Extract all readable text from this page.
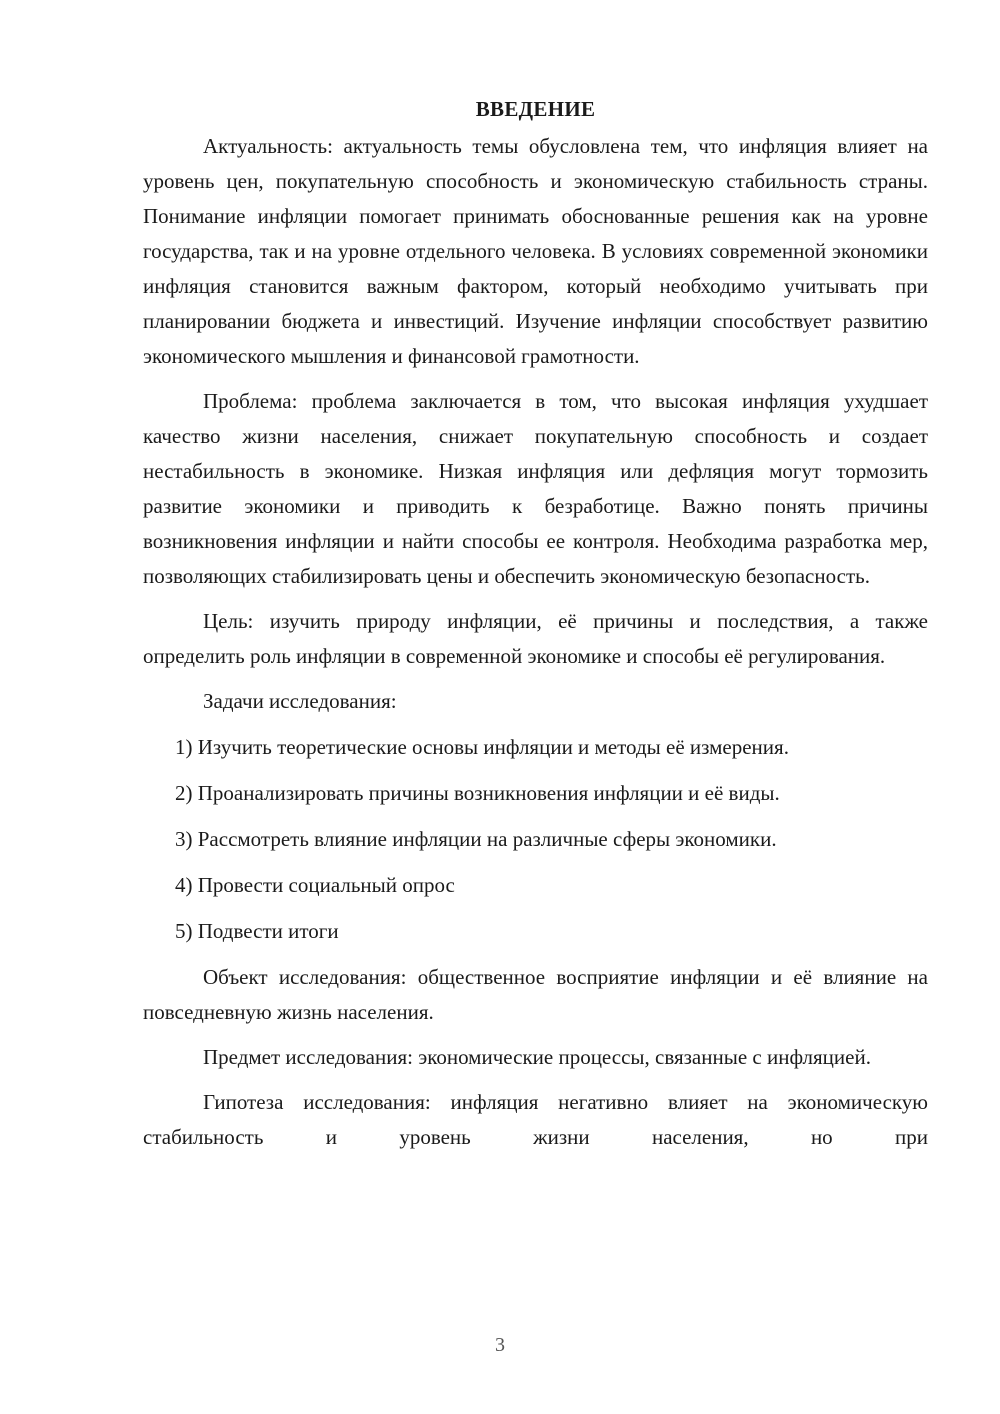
ВВЕДЕНИЕ

Актуальность: актуальность темы обусловлена тем, что инфляция влияет на уровень цен, покупательную способность и экономическую стабильность страны. Понимание инфляции помогает принимать обоснованные решения как на уровне государства, так и на уровне отдельного человека. В условиях современной экономики инфляция становится важным фактором, который необходимо учитывать при планировании бюджета и инвестиций. Изучение инфляции способствует развитию экономического мышления и финансовой грамотности.

Проблема: проблема заключается в том, что высокая инфляция ухудшает качество жизни населения, снижает покупательную способность и создает нестабильность в экономике. Низкая инфляция или дефляция могут тормозить развитие экономики и приводить к безработице. Важно понять причины возникновения инфляции и найти способы ее контроля. Необходима разработка мер, позволяющих стабилизировать цены и обеспечить экономическую безопасность.

Цель: изучить природу инфляции, её причины и последствия, а также определить роль инфляции в современной экономике и способы её регулирования.

Задачи исследования:
1) Изучить теоретические основы инфляции и методы её измерения.
2) Проанализировать причины возникновения инфляции и её виды.
3) Рассмотреть влияние инфляции на различные сферы экономики.
4) Провести социальный опрос
5) Подвести итоги

Объект исследования: общественное восприятие инфляции и её влияние на повседневную жизнь населения.

Предмет исследования: экономические процессы, связанные с инфляцией.

Гипотеза исследования: инфляция негативно влияет на экономическую стабильность и уровень жизни населения, но при

3
